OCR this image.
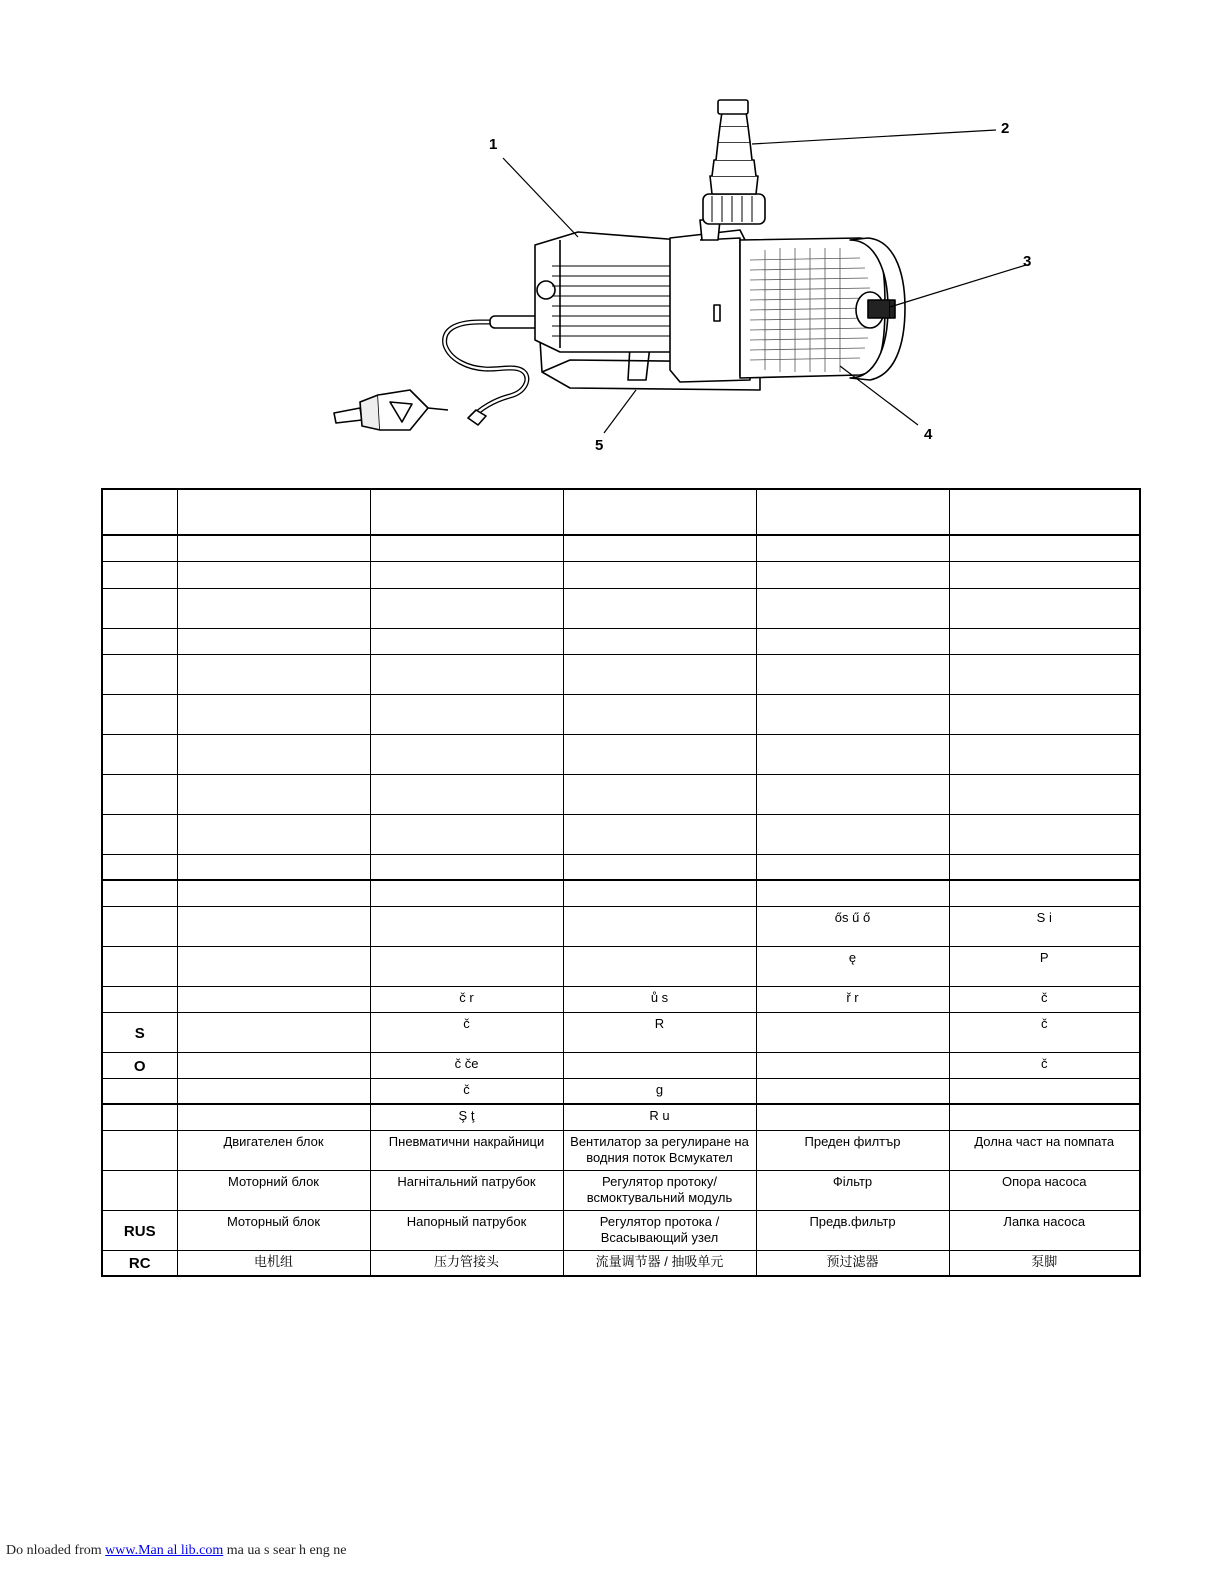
1
2
3
4
5

				ős ű ő	S i
				ę	P
		č r	ů s	ř r	č
S		č	R		č
O		č če			č
		č	g		
		Ş ţ	R u		
	Двигателен блок	Пневматични накрайници	Вентилатор за регулиране на водния поток Всмукател	Преден филтър	Долна част на помпата
	Моторний блок	Нагнітальний патрубок	Регулятор протоку/ всмоктувальний модуль	Фільтр	Опора насоса
RUS	Моторный блок	Напорный патрубок	Регулятор протока / Всасывающий узел	Предв.фильтр	Лапка насоса
RC	电机组	压力管接头	流量调节器 / 抽吸单元	预过滤器	泵脚
Do nloaded from www.Man al lib.com ma ua s sear h eng ne
